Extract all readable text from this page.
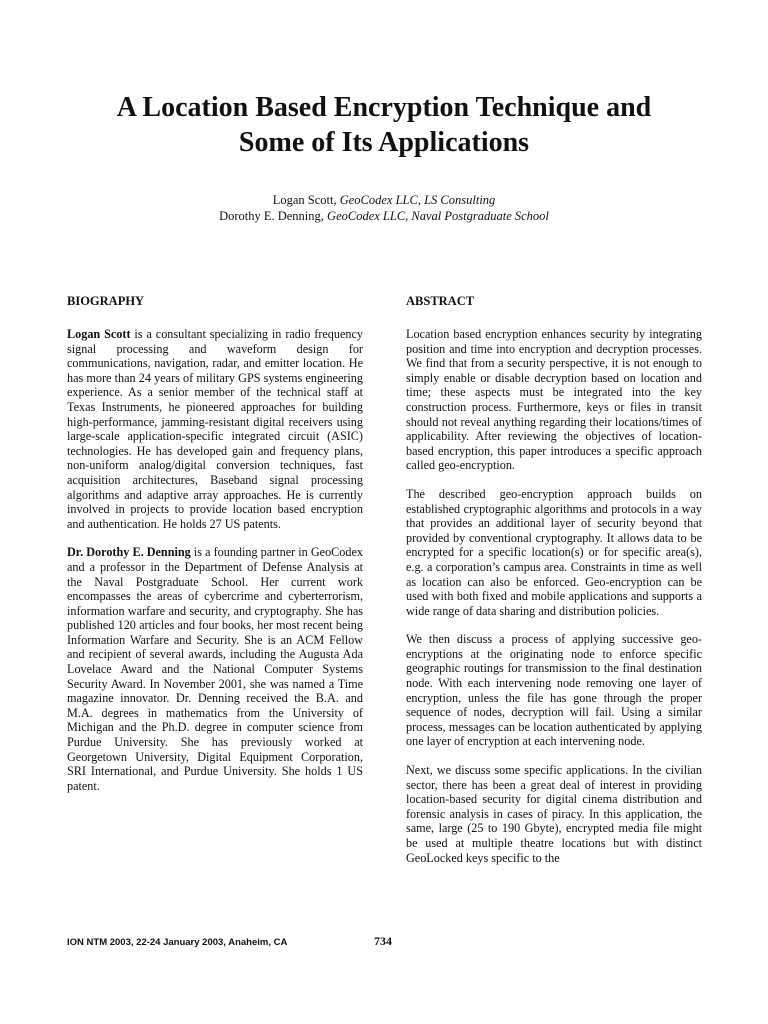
A Location Based Encryption Technique and
Some of Its Applications
Logan Scott, GeoCodex LLC, LS Consulting
Dorothy E. Denning, GeoCodex LLC, Naval Postgraduate School
BIOGRAPHY

Logan Scott is a consultant specializing in radio frequency signal processing and waveform design for communications, navigation, radar, and emitter location. He has more than 24 years of military GPS systems engineering experience. As a senior member of the technical staff at Texas Instruments, he pioneered approaches for building high-performance, jamming-resistant digital receivers using large-scale application-specific integrated circuit (ASIC) technologies. He has developed gain and frequency plans, non-uniform analog/digital conversion techniques, fast acquisition architectures, Baseband signal processing algorithms and adaptive array approaches. He is currently involved in projects to provide location based encryption and authentication. He holds 27 US patents.

Dr. Dorothy E. Denning is a founding partner in GeoCodex and a professor in the Department of Defense Analysis at the Naval Postgraduate School. Her current work encompasses the areas of cybercrime and cyberterrorism, information warfare and security, and cryptography. She has published 120 articles and four books, her most recent being Information Warfare and Security. She is an ACM Fellow and recipient of several awards, including the Augusta Ada Lovelace Award and the National Computer Systems Security Award. In November 2001, she was named a Time magazine innovator. Dr. Denning received the B.A. and M.A. degrees in mathematics from the University of Michigan and the Ph.D. degree in computer science from Purdue University. She has previously worked at Georgetown University, Digital Equipment Corporation, SRI International, and Purdue University. She holds 1 US patent.

ABSTRACT

Location based encryption enhances security by integrating position and time into encryption and decryption processes. We find that from a security perspective, it is not enough to simply enable or disable decryption based on location and time; these aspects must be integrated into the key construction process. Furthermore, keys or files in transit should not reveal anything regarding their locations/times of applicability. After reviewing the objectives of location-based encryption, this paper introduces a specific approach called geo-encryption.

The described geo-encryption approach builds on established cryptographic algorithms and protocols in a way that provides an additional layer of security beyond that provided by conventional cryptography. It allows data to be encrypted for a specific location(s) or for specific area(s), e.g. a corporation’s campus area. Constraints in time as well as location can also be enforced. Geo-encryption can be used with both fixed and mobile applications and supports a wide range of data sharing and distribution policies.

We then discuss a process of applying successive geo-encryptions at the originating node to enforce specific geographic routings for transmission to the final destination node. With each intervening node removing one layer of encryption, unless the file has gone through the proper sequence of nodes, decryption will fail. Using a similar process, messages can be location authenticated by applying one layer of encryption at each intervening node.

Next, we discuss some specific applications. In the civilian sector, there has been a great deal of interest in providing location-based security for digital cinema distribution and forensic analysis in cases of piracy. In this application, the same, large (25 to 190 Gbyte), encrypted media file might be used at multiple theatre locations but with distinct GeoLocked keys specific to the

ION NTM 2003, 22-24 January 2003, Anaheim, CA	734
